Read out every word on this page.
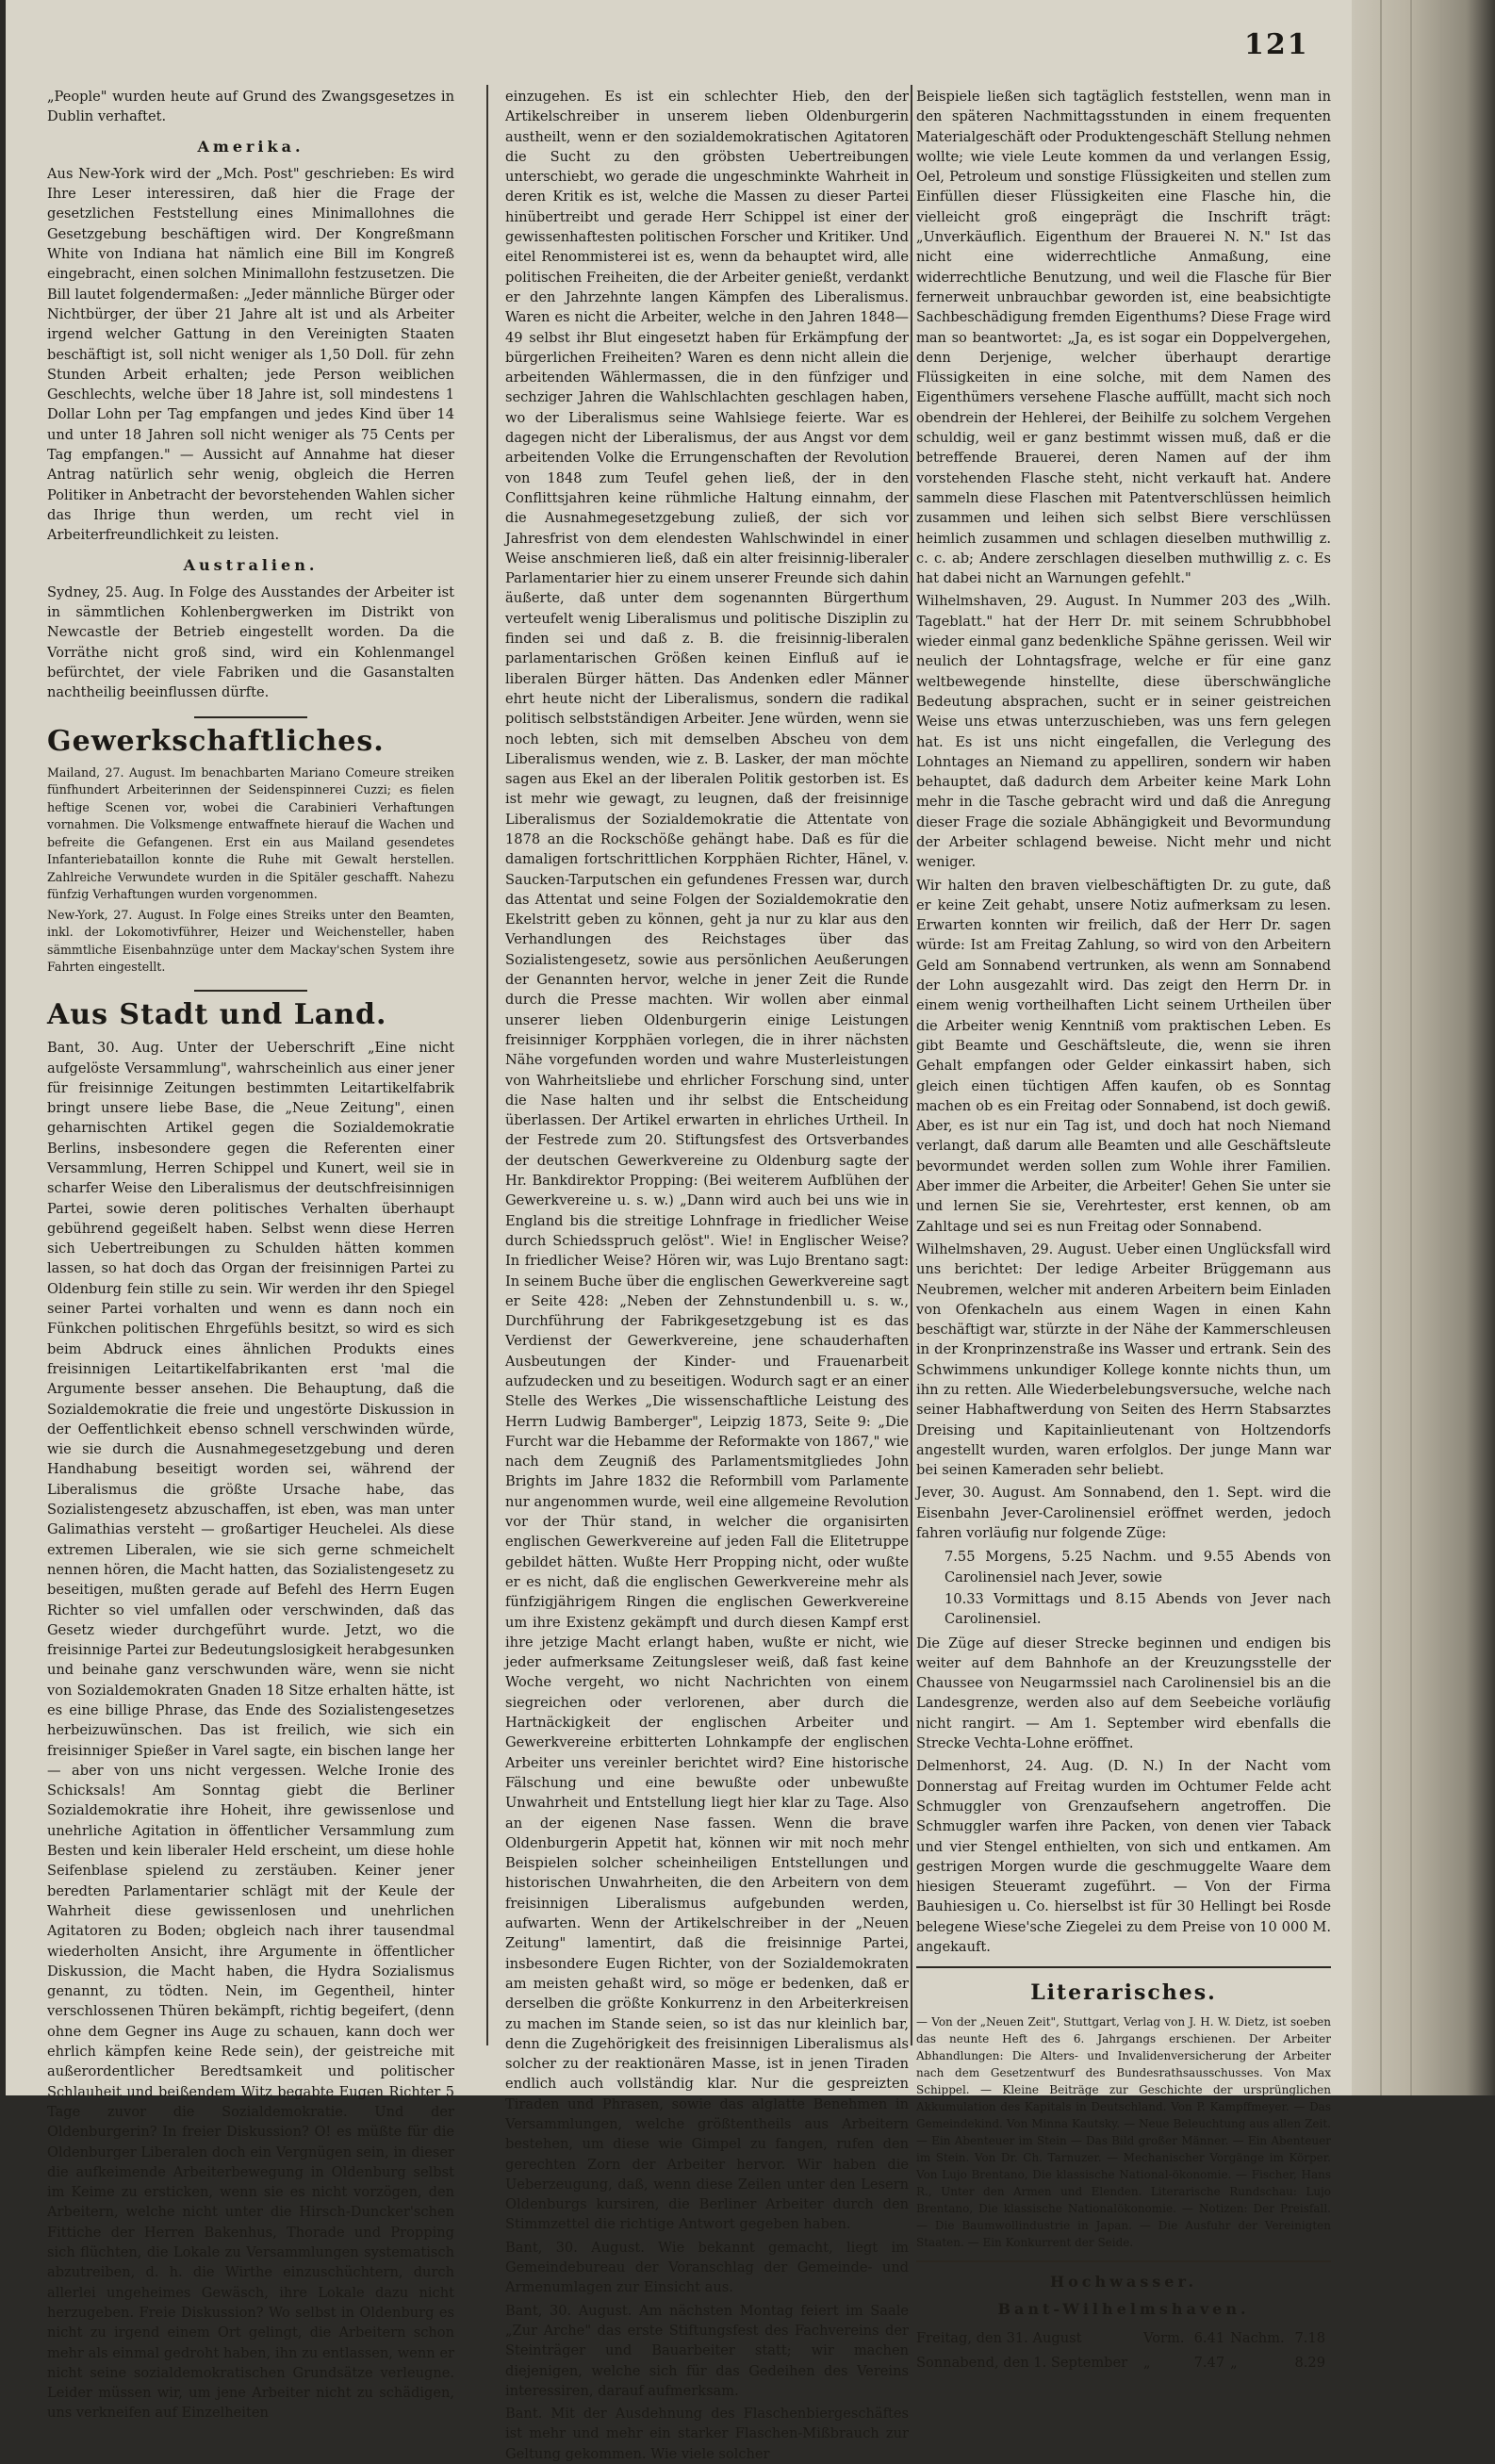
121

„People" wurden heute auf Grund des Zwangsgesetzes in Dublin verhaftet.

Amerika.

Aus New-York wird der „Mch. Post" geschrieben: Es wird Ihre Leser interessiren, daß hier die Frage der gesetzlichen Feststellung eines Minimallohnes die Gesetzgebung beschäftigen wird. Der Kongreßmann White von Indiana hat nämlich eine Bill im Kongreß eingebracht, einen solchen Minimallohn festzusetzen. Die Bill lautet folgendermaßen: „Jeder männliche Bürger oder Nichtbürger, der über 21 Jahre alt ist und als Arbeiter irgend welcher Gattung in den Vereinigten Staaten beschäftigt ist, soll nicht weniger als 1,50 Doll. für zehn Stunden Arbeit erhalten; jede Person weiblichen Geschlechts, welche über 18 Jahre ist, soll mindestens 1 Dollar Lohn per Tag empfangen und jedes Kind über 14 und unter 18 Jahren soll nicht weniger als 75 Cents per Tag empfangen." — Aussicht auf Annahme hat dieser Antrag natürlich sehr wenig, obgleich die Herren Politiker in Anbetracht der bevorstehenden Wahlen sicher das Ihrige thun werden, um recht viel in Arbeiterfreundlichkeit zu leisten.

Australien.

Sydney, 25. Aug. In Folge des Ausstandes der Arbeiter ist in sämmtlichen Kohlenbergwerken im Distrikt von Newcastle der Betrieb eingestellt worden. Da die Vorräthe nicht groß sind, wird ein Kohlenmangel befürchtet, der viele Fabriken und die Gasanstalten nachtheilig beeinflussen dürfte.

Gewerkschaftliches.

Mailand, 27. August. Im benachbarten Mariano Comeure streiken fünfhundert Arbeiterinnen der Seidenspinnerei Cuzzi; es fielen heftige Scenen vor, wobei die Carabinieri Verhaftungen vornahmen. Die Volksmenge entwaffnete hierauf die Wachen und befreite die Gefangenen. Erst ein aus Mailand gesendetes Infanteriebataillon konnte die Ruhe mit Gewalt herstellen. Zahlreiche Verwundete wurden in die Spitäler geschafft. Nahezu fünfzig Verhaftungen wurden vorgenommen.

New-York, 27. August. In Folge eines Streiks unter den Beamten, inkl. der Lokomotivführer, Heizer und Weichensteller, haben sämmtliche Eisenbahnzüge unter dem Mackay'schen System ihre Fahrten eingestellt.

Aus Stadt und Land.

Bant, 30. Aug. Unter der Ueberschrift „Eine nicht aufgelöste Versammlung", wahrscheinlich aus einer jener für freisinnige Zeitungen bestimmten Leitartikelfabrik bringt unsere liebe Base, die „Neue Zeitung", einen geharnischten Artikel gegen die Sozialdemokratie Berlins, insbesondere gegen die Referenten einer Versammlung, Herren Schippel und Kunert, weil sie in scharfer Weise den Liberalismus der deutschfreisinnigen Partei, sowie deren politisches Verhalten überhaupt gebührend gegeißelt haben. Selbst wenn diese Herren sich Uebertreibungen zu Schulden hätten kommen lassen, so hat doch das Organ der freisinnigen Partei zu Oldenburg fein stille zu sein. Wir werden ihr den Spiegel seiner Partei vorhalten und wenn es dann noch ein Fünkchen politischen Ehrgefühls besitzt, so wird es sich beim Abdruck eines ähnlichen Produkts eines freisinnigen Leitartikelfabrikanten erst 'mal die Argumente besser ansehen. Die Behauptung, daß die Sozialdemokratie die freie und ungestörte Diskussion in der Oeffentlichkeit ebenso schnell verschwinden würde, wie sie durch die Ausnahmegesetzgebung und deren Handhabung beseitigt worden sei, während der Liberalismus die größte Ursache habe, das Sozialistengesetz abzuschaffen, ist eben, was man unter Galimathias versteht — großartiger Heuchelei. Als diese extremen Liberalen, wie sie sich gerne schmeichelt nennen hören, die Macht hatten, das Sozialistengesetz zu beseitigen, mußten gerade auf Befehl des Herrn Eugen Richter so viel umfallen oder verschwinden, daß das Gesetz wieder durchgeführt wurde. Jetzt, wo die freisinnige Partei zur Bedeutungslosigkeit herabgesunken und beinahe ganz verschwunden wäre, wenn sie nicht von Sozialdemokraten Gnaden 18 Sitze erhalten hätte, ist es eine billige Phrase, das Ende des Sozialistengesetzes herbeizuwünschen. Das ist freilich, wie sich ein freisinniger Spießer in Varel sagte, ein bischen lange her — aber von uns nicht vergessen. Welche Ironie des Schicksals! Am Sonntag giebt die Berliner Sozialdemokratie ihre Hoheit, ihre gewissenlose und unehrliche Agitation in öffentlicher Versammlung zum Besten und kein liberaler Held erscheint, um diese hohle Seifenblase spielend zu zerstäuben. Keiner jener beredten Parlamentarier schlägt mit der Keule der Wahrheit diese gewissenlosen und unehrlichen Agitatoren zu Boden; obgleich nach ihrer tausendmal wiederholten Ansicht, ihre Argumente in öffentlicher Diskussion, die Macht haben, die Hydra Sozialismus genannt, zu tödten. Nein, im Gegentheil, hinter verschlossenen Thüren bekämpft, richtig begeifert, (denn ohne dem Gegner ins Auge zu schauen, kann doch wer ehrlich kämpfen keine Rede sein), der geistreiche mit außerordentlicher Beredtsamkeit und politischer Schlauheit und beißendem Witz begabte Eugen Richter 5 Tage zuvor die Sozialdemokratie. Und der Oldenburgerin? In freier Diskussion? O! es müßte für die Oldenburger Liberalen doch ein Vergnügen sein, in dieser die aufkeimende Arbeiterbewegung in Oldenburg selbst im Keime zu ersticken, wenn sie es nicht vorzögen, den Arbeitern, welche nicht unter die Hirsch-Duncker'schen Fittiche der Herren Bakenhus, Thorade und Propping sich flüchten, die Lokale zu Versammlungen systematisch abzutreiben, d. h. die Wirthe einzuschüchtern, durch allerlei ungeheimes Gewäsch, ihre Lokale dazu nicht herzugeben. Freie Diskussion? Wo selbst in Oldenburg es nicht zu irgend einem Ort gelingt, die Arbeitern schon mehr als einmal gedroht haben, ihn zu entlassen, wenn er nicht seine sozialdemokratischen Grundsätze verleugne. Leider müssen wir, um jene Arbeiter nicht zu schädigen, uns verkneifen auf Einzelheiten

einzugehen. Es ist ein schlechter Hieb, den der Artikelschreiber in unserem lieben Oldenburgerin austheilt, wenn er den sozialdemokratischen Agitatoren die Sucht zu den gröbsten Uebertreibungen unterschiebt, wo gerade die ungeschminkte Wahrheit in deren Kritik es ist, welche die Massen zu dieser Partei hinübertreibt und gerade Herr Schippel ist einer der gewissenhaftesten politischen Forscher und Kritiker. Und eitel Renommisterei ist es, wenn da behauptet wird, alle politischen Freiheiten, die der Arbeiter genießt, verdankt er den Jahrzehnte langen Kämpfen des Liberalismus. Waren es nicht die Arbeiter, welche in den Jahren 1848—49 selbst ihr Blut eingesetzt haben für Erkämpfung der bürgerlichen Freiheiten? Waren es denn nicht allein die arbeitenden Wählermassen, die in den fünfziger und sechziger Jahren die Wahlschlachten geschlagen haben, wo der Liberalismus seine Wahlsiege feierte. War es dagegen nicht der Liberalismus, der aus Angst vor dem arbeitenden Volke die Errungenschaften der Revolution von 1848 zum Teufel gehen ließ, der in den Conflittsjahren keine rühmliche Haltung einnahm, der die Ausnahmegesetzgebung zuließ, der sich vor Jahresfrist von dem elendesten Wahlschwindel in einer Weise anschmieren ließ, daß ein alter freisinnig-liberaler Parlamentarier hier zu einem unserer Freunde sich dahin äußerte, daß unter dem sogenannten Bürgerthum verteufelt wenig Liberalismus und politische Disziplin zu finden sei und daß z. B. die freisinnig-liberalen parlamentarischen Größen keinen Einfluß auf ie liberalen Bürger hätten. Das Andenken edler Männer ehrt heute nicht der Liberalismus, sondern die radikal politisch selbstständigen Arbeiter. Jene würden, wenn sie noch lebten, sich mit demselben Abscheu von dem Liberalismus wenden, wie z. B. Lasker, der man möchte sagen aus Ekel an der liberalen Politik gestorben ist. Es ist mehr wie gewagt, zu leugnen, daß der freisinnige Liberalismus der Sozialdemokratie die Attentate von 1878 an die Rockschöße gehängt habe. Daß es für die damaligen fortschrittlichen Korpphäen Richter, Hänel, v. Saucken-Tarputschen ein gefundenes Fressen war, durch das Attentat und seine Folgen der Sozialdemokratie den Ekelstritt geben zu können, geht ja nur zu klar aus den Verhandlungen des Reichstages über das Sozialistengesetz, sowie aus persönlichen Aeußerungen der Genannten hervor, welche in jener Zeit die Runde durch die Presse machten. Wir wollen aber einmal unserer lieben Oldenburgerin einige Leistungen freisinniger Korpphäen vorlegen, die in ihrer nächsten Nähe vorgefunden worden und wahre Musterleistungen von Wahrheitsliebe und ehrlicher Forschung sind, unter die Nase halten und ihr selbst die Entscheidung überlassen. Der Artikel erwarten in ehrliches Urtheil. In der Festrede zum 20. Stiftungsfest des Ortsverbandes der deutschen Gewerkvereine zu Oldenburg sagte der Hr. Bankdirektor Propping: (Bei weiterem Aufblühen der Gewerkvereine u. s. w.) „Dann wird auch bei uns wie in England bis die streitige Lohnfrage in friedlicher Weise durch Schiedsspruch gelöst". Wie! in Englischer Weise? In friedlicher Weise? Hören wir, was Lujo Brentano sagt: In seinem Buche über die englischen Gewerkvereine sagt er Seite 428: „Neben der Zehnstundenbill u. s. w., Durchführung der Fabrikgesetzgebung ist es das Verdienst der Gewerkvereine, jene schauderhaften Ausbeutungen der Kinder- und Frauenarbeit aufzudecken und zu beseitigen. Wodurch sagt er an einer Stelle des Werkes „Die wissenschaftliche Leistung des Herrn Ludwig Bamberger", Leipzig 1873, Seite 9: „Die Furcht war die Hebamme der Reformakte von 1867," wie nach dem Zeugniß des Parlamentsmitgliedes John Brights im Jahre 1832 die Reformbill vom Parlamente nur angenommen wurde, weil eine allgemeine Revolution vor der Thür stand, in welcher die organisirten englischen Gewerkvereine auf jeden Fall die Elitetruppe gebildet hätten. Wußte Herr Propping nicht, oder wußte er es nicht, daß die englischen Gewerkvereine mehr als fünfzigjährigem Ringen die englischen Gewerkvereine um ihre Existenz gekämpft und durch diesen Kampf erst ihre jetzige Macht erlangt haben, wußte er nicht, wie jeder aufmerksame Zeitungsleser weiß, daß fast keine Woche vergeht, wo nicht Nachrichten von einem siegreichen oder verlorenen, aber durch die Hartnäckigkeit der englischen Arbeiter und Gewerkvereine erbitterten Lohnkampfe der englischen Arbeiter uns vereinler berichtet wird? Eine historische Fälschung und eine bewußte oder unbewußte Unwahrheit und Entstellung liegt hier klar zu Tage. Also an der eigenen Nase fassen. Wenn die brave Oldenburgerin Appetit hat, können wir mit noch mehr Beispielen solcher scheinheiligen Entstellungen und historischen Unwahrheiten, die den Arbeitern von dem freisinnigen Liberalismus aufgebunden werden, aufwarten. Wenn der Artikelschreiber in der „Neuen Zeitung" lamentirt, daß die freisinnige Partei, insbesondere Eugen Richter, von der Sozialdemokraten am meisten gehaßt wird, so möge er bedenken, daß er derselben die größte Konkurrenz in den Arbeiterkreisen zu machen im Stande seien, so ist das nur kleinlich bar, denn die Zugehörigkeit des freisinnigen Liberalismus als solcher zu der reaktionären Masse, ist in jenen Tiraden endlich auch vollständig klar. Nur die gespreizten Tiraden und Phrasen, sowie das alglatte Benehmen in Versammlungen, welche größtentheils aus Arbeitern bestehen, um diese wie Gimpel zu fangen, rufen den gerechten Zorn der Arbeiter hervor. Wir haben die Ueberzeugung, daß, wenn diese Zeilen unter den Lesern Oldenburgs kursiren, die Berliner Arbeiter durch den Stimmzettel die richtige Antwort gegeben haben.

Bant, 30. August. Wie bekannt gemacht, liegt im Gemeindebureau der Voranschlag der Gemeinde- und Armenumlagen zur Einsicht aus.

Bant, 30. August. Am nächsten Montag feiert im Saale „Zur Arche" das erste Stiftungsfest des Fachvereins der Steinträger und Bauarbeiter statt; wir machen diejenigen, welche sich für das Gedeihen des Vereins interessiren, darauf aufmerksam.

Bant. Mit der Ausdehnung des Flaschenbiergeschäftes ist mehr und mehr ein starker Flaschen-Mißbrauch zur Geltung gekommen. Wie viele solcher

Beispiele ließen sich tagtäglich feststellen, wenn man in den späteren Nachmittagsstunden in einem frequenten Materialgeschäft oder Produktengeschäft Stellung nehmen wollte; wie viele Leute kommen da und verlangen Essig, Oel, Petroleum und sonstige Flüssigkeiten und stellen zum Einfüllen dieser Flüssigkeiten eine Flasche hin, die vielleicht groß eingeprägt die Inschrift trägt: „Unverkäuflich. Eigenthum der Brauerei N. N." Ist das nicht eine widerrechtliche Anmaßung, eine widerrechtliche Benutzung, und weil die Flasche für Bier fernerweit unbrauchbar geworden ist, eine beabsichtigte Sachbeschädigung fremden Eigenthums? Diese Frage wird man so beantwortet: „Ja, es ist sogar ein Doppelvergehen, denn Derjenige, welcher überhaupt derartige Flüssigkeiten in eine solche, mit dem Namen des Eigenthümers versehene Flasche auffüllt, macht sich noch obendrein der Hehlerei, der Beihilfe zu solchem Vergehen schuldig, weil er ganz bestimmt wissen muß, daß er die betreffende Brauerei, deren Namen auf der ihm vorstehenden Flasche steht, nicht verkauft hat. Andere sammeln diese Flaschen mit Patentverschlüssen heimlich zusammen und leihen sich selbst Biere verschlüssen heimlich zusammen und schlagen dieselben muthwillig z. c. c. ab; Andere zerschlagen dieselben muthwillig z. c. Es hat dabei nicht an Warnungen gefehlt."

Wilhelmshaven, 29. August. In Nummer 203 des „Wilh. Tageblatt." hat der Herr Dr. mit seinem Schrubbhobel wieder einmal ganz bedenkliche Spähne gerissen. Weil wir neulich der Lohntagsfrage, welche er für eine ganz weltbewegende hinstellte, diese überschwängliche Bedeutung absprachen, sucht er in seiner geistreichen Weise uns etwas unterzuschieben, was uns fern gelegen hat. Es ist uns nicht eingefallen, die Verlegung des Lohntages an Niemand zu appelliren, sondern wir haben behauptet, daß dadurch dem Arbeiter keine Mark Lohn mehr in die Tasche gebracht wird und daß die Anregung dieser Frage die soziale Abhängigkeit und Bevormundung der Arbeiter schlagend beweise. Nicht mehr und nicht weniger.

Wir halten den braven vielbeschäftigten Dr. zu gute, daß er keine Zeit gehabt, unsere Notiz aufmerksam zu lesen. Erwarten konnten wir freilich, daß der Herr Dr. sagen würde: Ist am Freitag Zahlung, so wird von den Arbeitern Geld am Sonnabend vertrunken, als wenn am Sonnabend der Lohn ausgezahlt wird. Das zeigt den Herrn Dr. in einem wenig vortheilhaften Licht seinem Urtheilen über die Arbeiter wenig Kenntniß vom praktischen Leben. Es gibt Beamte und Geschäftsleute, die, wenn sie ihren Gehalt empfangen oder Gelder einkassirt haben, sich gleich einen tüchtigen Affen kaufen, ob es Sonntag machen ob es ein Freitag oder Sonnabend, ist doch gewiß. Aber, es ist nur ein Tag ist, und doch hat noch Niemand verlangt, daß darum alle Beamten und alle Geschäftsleute bevormundet werden sollen zum Wohle ihrer Familien. Aber immer die Arbeiter, die Arbeiter! Gehen Sie unter sie und lernen Sie sie, Verehrtester, erst kennen, ob am Zahltage und sei es nun Freitag oder Sonnabend.

Wilhelmshaven, 29. August. Ueber einen Unglücksfall wird uns berichtet: Der ledige Arbeiter Brüggemann aus Neubremen, welcher mit anderen Arbeitern beim Einladen von Ofenkacheln aus einem Wagen in einen Kahn beschäftigt war, stürzte in der Nähe der Kammerschleusen in der Kronprinzenstraße ins Wasser und ertrank. Sein des Schwimmens unkundiger Kollege konnte nichts thun, um ihn zu retten. Alle Wiederbelebungsversuche, welche nach seiner Habhaftwerdung von Seiten des Herrn Stabsarztes Dreising und Kapitainlieutenant von Holtzendorfs angestellt wurden, waren erfolglos. Der junge Mann war bei seinen Kameraden sehr beliebt.

Jever, 30. August. Am Sonnabend, den 1. Sept. wird die Eisenbahn Jever-Carolinensiel eröffnet werden, jedoch fahren vorläufig nur folgende Züge:

7.55 Morgens, 5.25 Nachm. und 9.55 Abends von Carolinensiel nach Jever, sowie
10.33 Vormittags und 8.15 Abends von Jever nach Carolinensiel.

Die Züge auf dieser Strecke beginnen und endigen bis weiter auf dem Bahnhofe an der Kreuzungsstelle der Chaussee von Neugarmssiel nach Carolinensiel bis an die Landesgrenze, werden also auf dem Seebeiche vorläufig nicht rangirt. — Am 1. September wird ebenfalls die Strecke Vechta-Lohne eröffnet.

Delmenhorst, 24. Aug. (D. N.) In der Nacht vom Donnerstag auf Freitag wurden im Ochtumer Felde acht Schmuggler von Grenzaufsehern angetroffen. Die Schmuggler warfen ihre Packen, von denen vier Taback und vier Stengel enthielten, von sich und entkamen. Am gestrigen Morgen wurde die geschmuggelte Waare dem hiesigen Steueramt zugeführt. — Von der Firma Bauhiesigen u. Co. hierselbst ist für 30 Hellingt bei Rosde belegene Wiese'sche Ziegelei zu dem Preise von 10 000 M. angekauft.

Literarisches.

— Von der „Neuen Zeit", Stuttgart, Verlag von J. H. W. Dietz, ist soeben das neunte Heft des 6. Jahrgangs erschienen. Der Arbeiter Abhandlungen: Die Alters- und Invalidenversicherung der Arbeiter nach dem Gesetzentwurf des Bundesrathsausschusses. Von Max Schippel. — Kleine Beiträge zur Geschichte der ursprünglichen Akkumulation des Kapitals in Deutschland. Von P. Kampffmeyer. — Das Gemeindekind. Von Minna Kautsky. — Neue Beleuchtung aus allen Zeit. — Ein Abenteuer im Stein — Das Bild großer Männer. — Ein Abenteuer im Stein. Von Dr. Ch. Tarnuzer. — Mechanischer Vorgänge im Körper. Von Lujo Brentano, Die klassische National-ökonomie. — Fischer, Hans R., Unter den Armen und Elenden. Literarische Rundschau: Lujo Brentano, Die klassische Nationalökonomie. — Notizen: Der Preisfall. — Die Baumwollindustrie in Japan. — Die Ausfuhr der Vereinigten Staaten. — Ein Konkurrent der Seide.

Hochwasser.
Bant-Wilhelmshaven.
Freitag, den 31. August	Vorm.	6.41	Nachm.	7.18
Sonnabend, den 1. September	„	7.47	„	8.29
